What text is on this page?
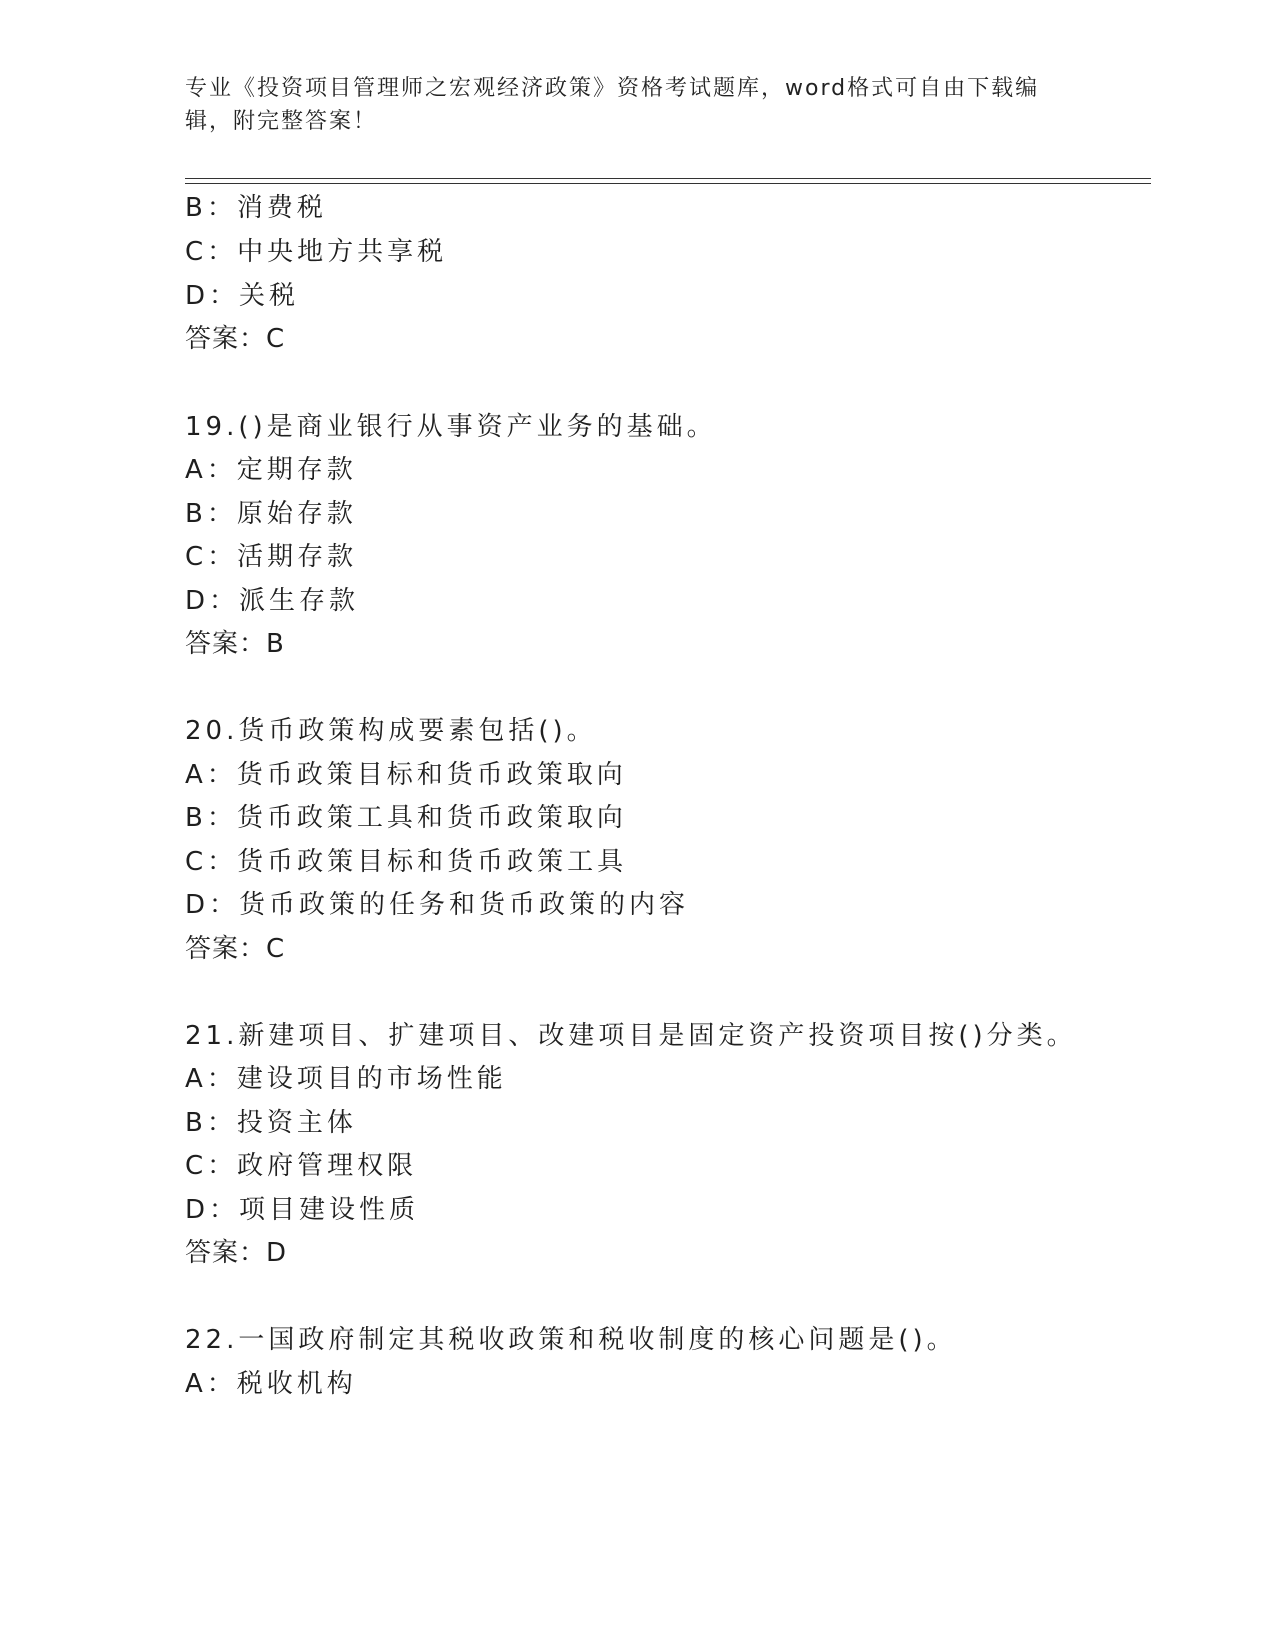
专业《投资项目管理师之宏观经济政策》资格考试题库，word格式可自由下载编
辑，附完整答案！
B：消费税
C：中央地方共享税
D：关税
答案：C
19.()是商业银行从事资产业务的基础。
A：定期存款
B：原始存款
C：活期存款
D：派生存款
答案：B
20.货币政策构成要素包括()。
A：货币政策目标和货币政策取向
B：货币政策工具和货币政策取向
C：货币政策目标和货币政策工具
D：货币政策的任务和货币政策的内容
答案：C
21.新建项目、扩建项目、改建项目是固定资产投资项目按()分类。
A：建设项目的市场性能
B：投资主体
C：政府管理权限
D：项目建设性质
答案：D
22.一国政府制定其税收政策和税收制度的核心问题是()。
A：税收机构
